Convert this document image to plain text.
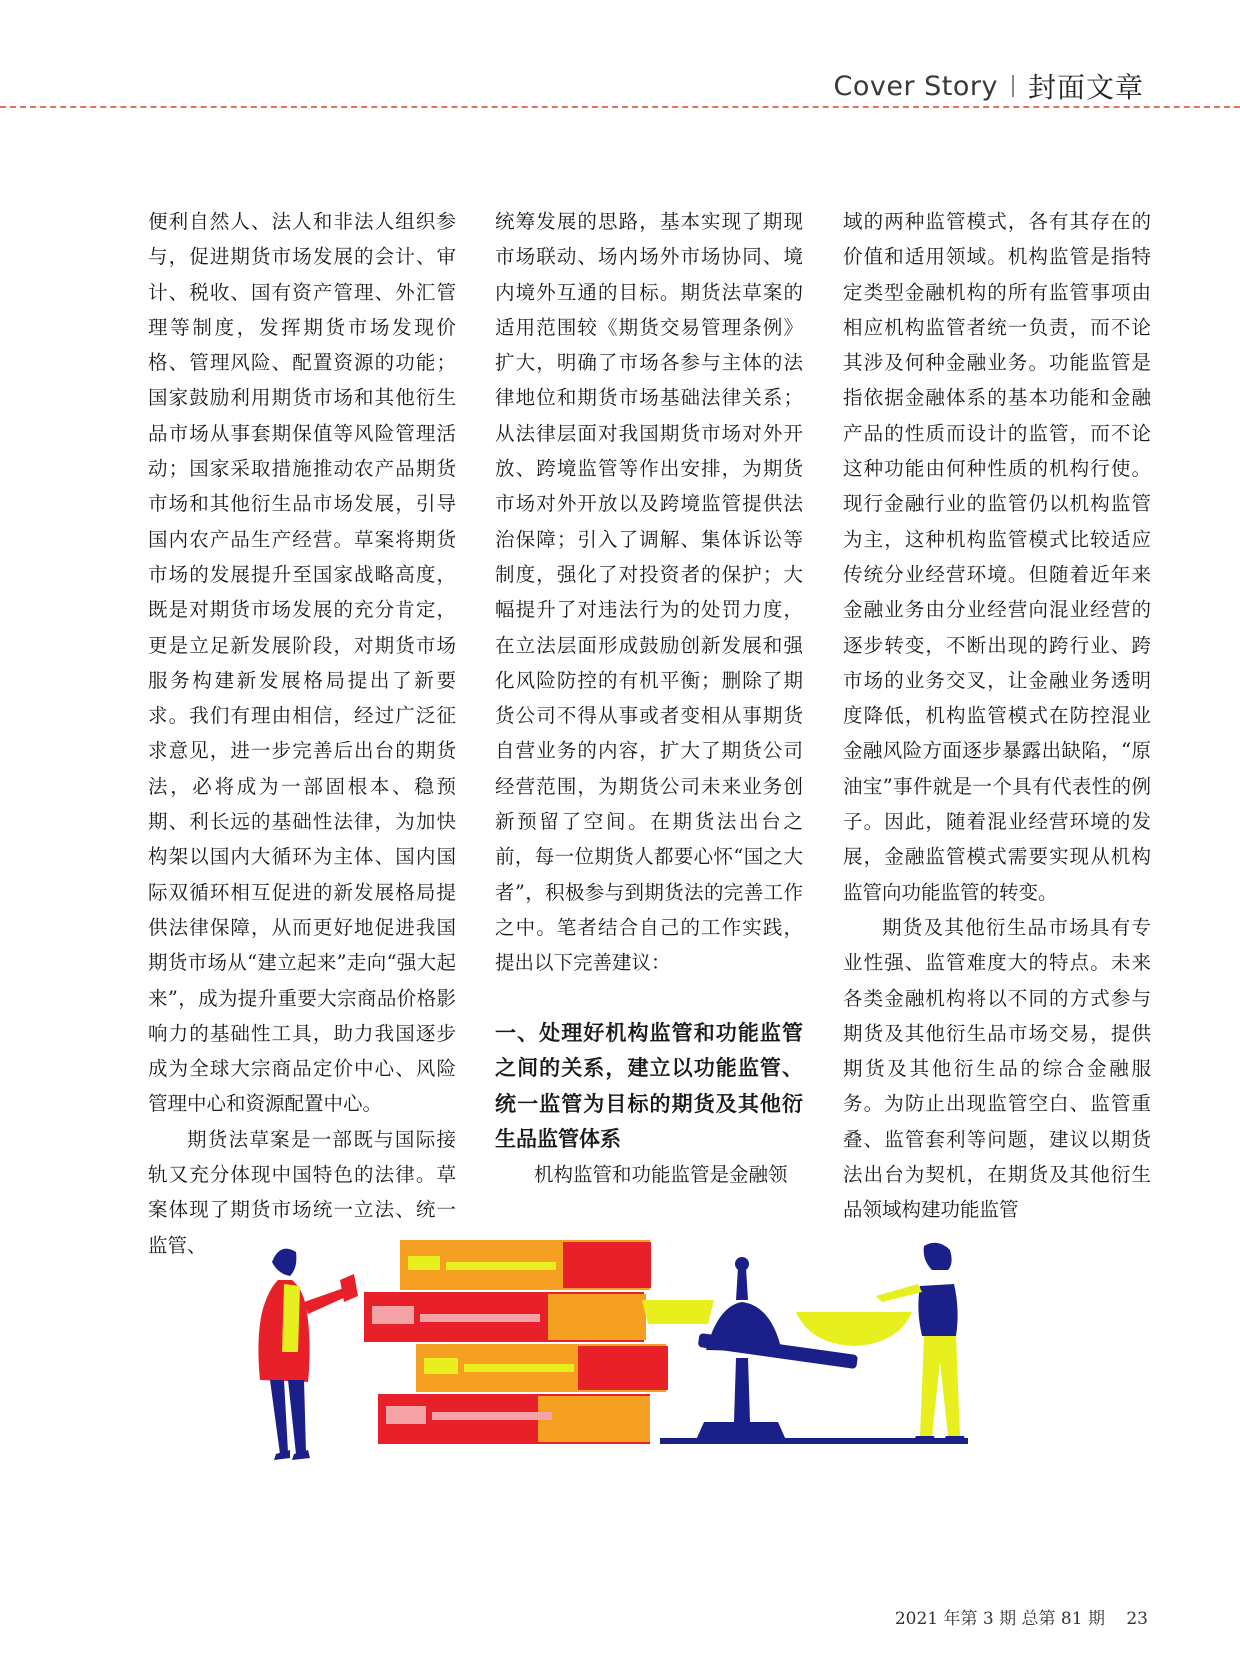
Cover Story 封面文章

便利自然人、法人和非法人组织参与，促进期货市场发展的会计、审计、税收、国有资产管理、外汇管理等制度，发挥期货市场发现价格、管理风险、配置资源的功能；国家鼓励利用期货市场和其他衍生品市场从事套期保值等风险管理活动；国家采取措施推动农产品期货市场和其他衍生品市场发展，引导国内农产品生产经营。草案将期货市场的发展提升至国家战略高度，既是对期货市场发展的充分肯定，更是立足新发展阶段，对期货市场服务构建新发展格局提出了新要求。我们有理由相信，经过广泛征求意见，进一步完善后出台的期货法，必将成为一部固根本、稳预期、利长远的基础性法律，为加快构架以国内大循环为主体、国内国际双循环相互促进的新发展格局提供法律保障，从而更好地促进我国期货市场从“建立起来”走向“强大起来”，成为提升重要大宗商品价格影响力的基础性工具，助力我国逐步成为全球大宗商品定价中心、风险管理中心和资源配置中心。

期货法草案是一部既与国际接轨又充分体现中国特色的法律。草案体现了期货市场统一立法、统一监管、

统筹发展的思路，基本实现了期现市场联动、场内场外市场协同、境内境外互通的目标。期货法草案的适用范围较《期货交易管理条例》扩大，明确了市场各参与主体的法律地位和期货市场基础法律关系；从法律层面对我国期货市场对外开放、跨境监管等作出安排，为期货市场对外开放以及跨境监管提供法治保障；引入了调解、集体诉讼等制度，强化了对投资者的保护；大幅提升了对违法行为的处罚力度，在立法层面形成鼓励创新发展和强化风险防控的有机平衡；删除了期货公司不得从事或者变相从事期货自营业务的内容，扩大了期货公司经营范围，为期货公司未来业务创新预留了空间。在期货法出台之前，每一位期货人都要心怀“国之大者”，积极参与到期货法的完善工作之中。笔者结合自己的工作实践，提出以下完善建议：

一、处理好机构监管和功能监管之间的关系，建立以功能监管、统一监管为目标的期货及其他衍生品监管体系

机构监管和功能监管是金融领

域的两种监管模式，各有其存在的价值和适用领域。机构监管是指特定类型金融机构的所有监管事项由相应机构监管者统一负责，而不论其涉及何种金融业务。功能监管是指依据金融体系的基本功能和金融产品的性质而设计的监管，而不论这种功能由何种性质的机构行使。现行金融行业的监管仍以机构监管为主，这种机构监管模式比较适应传统分业经营环境。但随着近年来金融业务由分业经营向混业经营的逐步转变，不断出现的跨行业、跨市场的业务交叉，让金融业务透明度降低，机构监管模式在防控混业金融风险方面逐步暴露出缺陷，“原油宝”事件就是一个具有代表性的例子。因此，随着混业经营环境的发展，金融监管模式需要实现从机构监管向功能监管的转变。

期货及其他衍生品市场具有专业性强、监管难度大的特点。未来各类金融机构将以不同的方式参与期货及其他衍生品市场交易，提供期货及其他衍生品的综合金融服务。为防止出现监管空白、监管重叠、监管套利等问题，建议以期货法出台为契机，在期货及其他衍生品领域构建功能监管

2021 年第 3 期 总第 81 期 23
